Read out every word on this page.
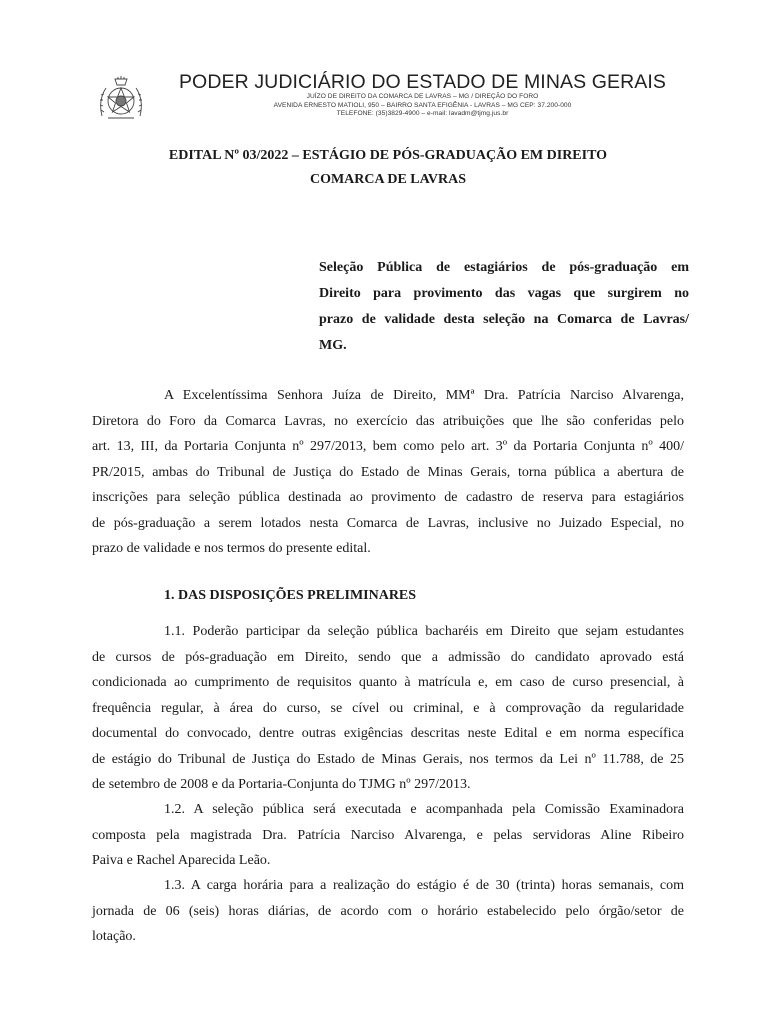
PODER JUDICIÁRIO DO ESTADO DE MINAS GERAIS
JUÍZO DE DIREITO DA COMARCA DE LAVRAS – MG / DIREÇÃO DO FORO
AVENIDA ERNESTO MATIOLI, 950 – BAIRRO SANTA EFIGÊNIA - LAVRAS – MG CEP: 37.200-000
TELEFONE: (35)3829-4900 – e-mail: lavadm@tjmg.jus.br
EDITAL Nº 03/2022 – ESTÁGIO DE PÓS-GRADUAÇÃO EM DIREITO
COMARCA DE LAVRAS
Seleção Pública de estagiários de pós-graduação em
Direito para provimento das vagas que surgirem no
prazo de validade desta seleção na Comarca de Lavras/
MG.
A Excelentíssima Senhora Juíza de Direito, MMª Dra. Patrícia Narciso Alvarenga,
Diretora do Foro da Comarca Lavras, no exercício das atribuições que lhe são conferidas pelo
art. 13, III, da Portaria Conjunta nº 297/2013, bem como pelo art. 3º da Portaria Conjunta nº 400/
PR/2015, ambas do Tribunal de Justiça do Estado de Minas Gerais, torna pública a abertura de
inscrições para seleção pública destinada ao provimento de cadastro de reserva para estagiários
de pós-graduação a serem lotados nesta Comarca de Lavras, inclusive no Juizado Especial, no
prazo de validade e nos termos do presente edital.
1. DAS DISPOSIÇÕES PRELIMINARES
1.1. Poderão participar da seleção pública bacharéis em Direito que sejam estudantes
de cursos de pós-graduação em Direito, sendo que a admissão do candidato aprovado está
condicionada ao cumprimento de requisitos quanto à matrícula e, em caso de curso presencial, à
frequência regular, à área do curso, se cível ou criminal, e à comprovação da regularidade
documental do convocado, dentre outras exigências descritas neste Edital e em norma específica
de estágio do Tribunal de Justiça do Estado de Minas Gerais, nos termos da Lei nº 11.788, de 25
de setembro de 2008 e da Portaria-Conjunta do TJMG nº 297/2013.
1.2. A seleção pública será executada e acompanhada pela Comissão Examinadora
composta pela magistrada Dra. Patrícia Narciso Alvarenga, e pelas servidoras Aline Ribeiro
Paiva e Rachel Aparecida Leão.
1.3. A carga horária para a realização do estágio é de 30 (trinta) horas semanais, com
jornada de 06 (seis) horas diárias, de acordo com o horário estabelecido pelo órgão/setor de
lotação.
